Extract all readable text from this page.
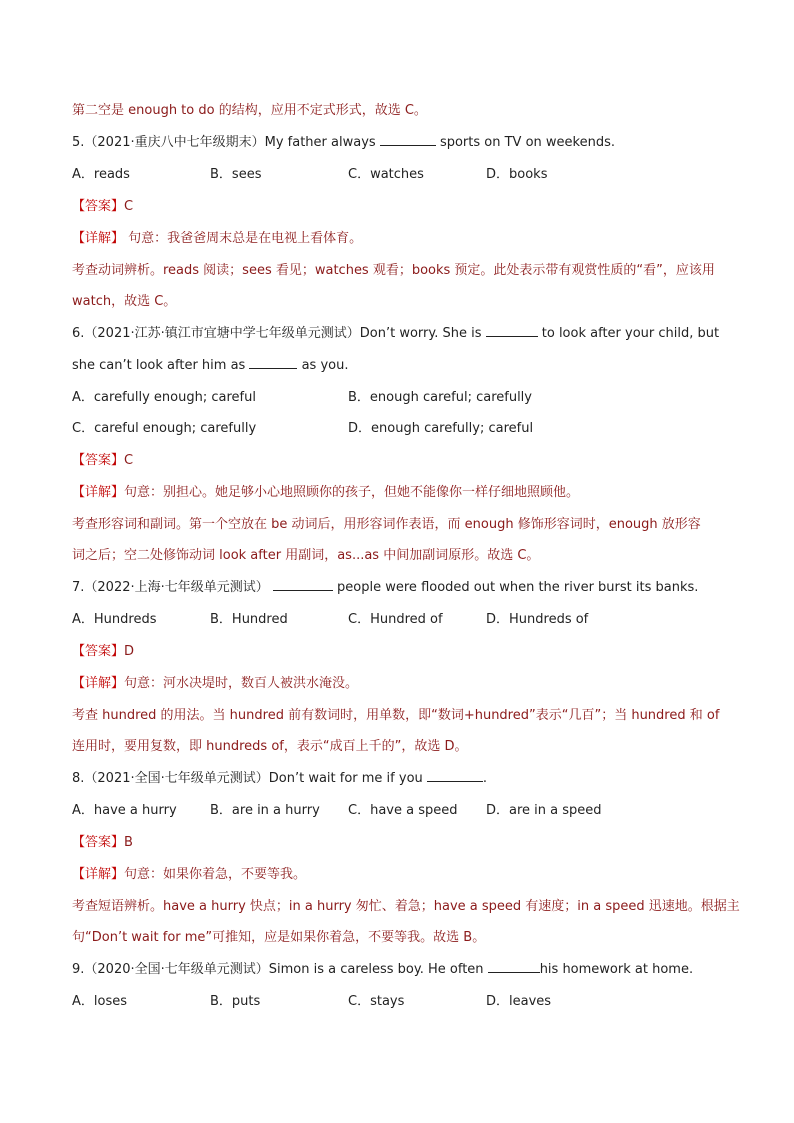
第二空是 enough to do 的结构，应用不定式形式，故选 C。
5.（2021·重庆八中七年级期末）My father always	sports on TV on weekends.
A．reads	B．sees	C．watches	D．books
【答案】C
【详解】 句意：我爸爸周末总是在电视上看体育。
考查动词辨析。reads 阅读；sees 看见；watches 观看；books 预定。此处表示带有观赏性质的“看”，应该用
watch，故选 C。
6.（2021·江苏·镇江市宜塘中学七年级单元测试）Don’t worry. She is	to look after your child, but
she can’t look after him as	as you.
A．carefully enough; careful	B．enough careful; carefully
C．careful enough; carefully	D．enough carefully; careful
【答案】C
【详解】句意：别担心。她足够小心地照顾你的孩子，但她不能像你一样仔细地照顾他。
考查形容词和副词。第一个空放在 be 动词后，用形容词作表语，而 enough 修饰形容词时，enough 放形容
词之后；空二处修饰动词 look after 用副词，as...as 中间加副词原形。故选 C。
7.（2022·上海·七年级单元测试）	people were flooded out when the river burst its banks.
A．Hundreds	B．Hundred	C．Hundred of	D．Hundreds of
【答案】D
【详解】句意：河水决堤时，数百人被洪水淹没。
考查 hundred 的用法。当 hundred 前有数词时，用单数，即“数词+hundred”表示“几百”；当 hundred 和 of
连用时，要用复数，即 hundreds of，表示“成百上千的”，故选 D。
8.（2021·全国·七年级单元测试）Don’t wait for me if you	.
A．have a hurry	B．are in a hurry C．have a speed D．are in a speed
【答案】B
【详解】句意：如果你着急，不要等我。
考查短语辨析。have a hurry 快点；in a hurry 匆忙、着急；have a speed 有速度；in a speed 迅速地。根据主
句“Don’t wait for me”可推知，应是如果你着急，不要等我。故选 B。
9.（2020·全国·七年级单元测试）Simon is a careless boy. He often	his homework at home.
A．loses	B．puts	C．stays	D．leaves
